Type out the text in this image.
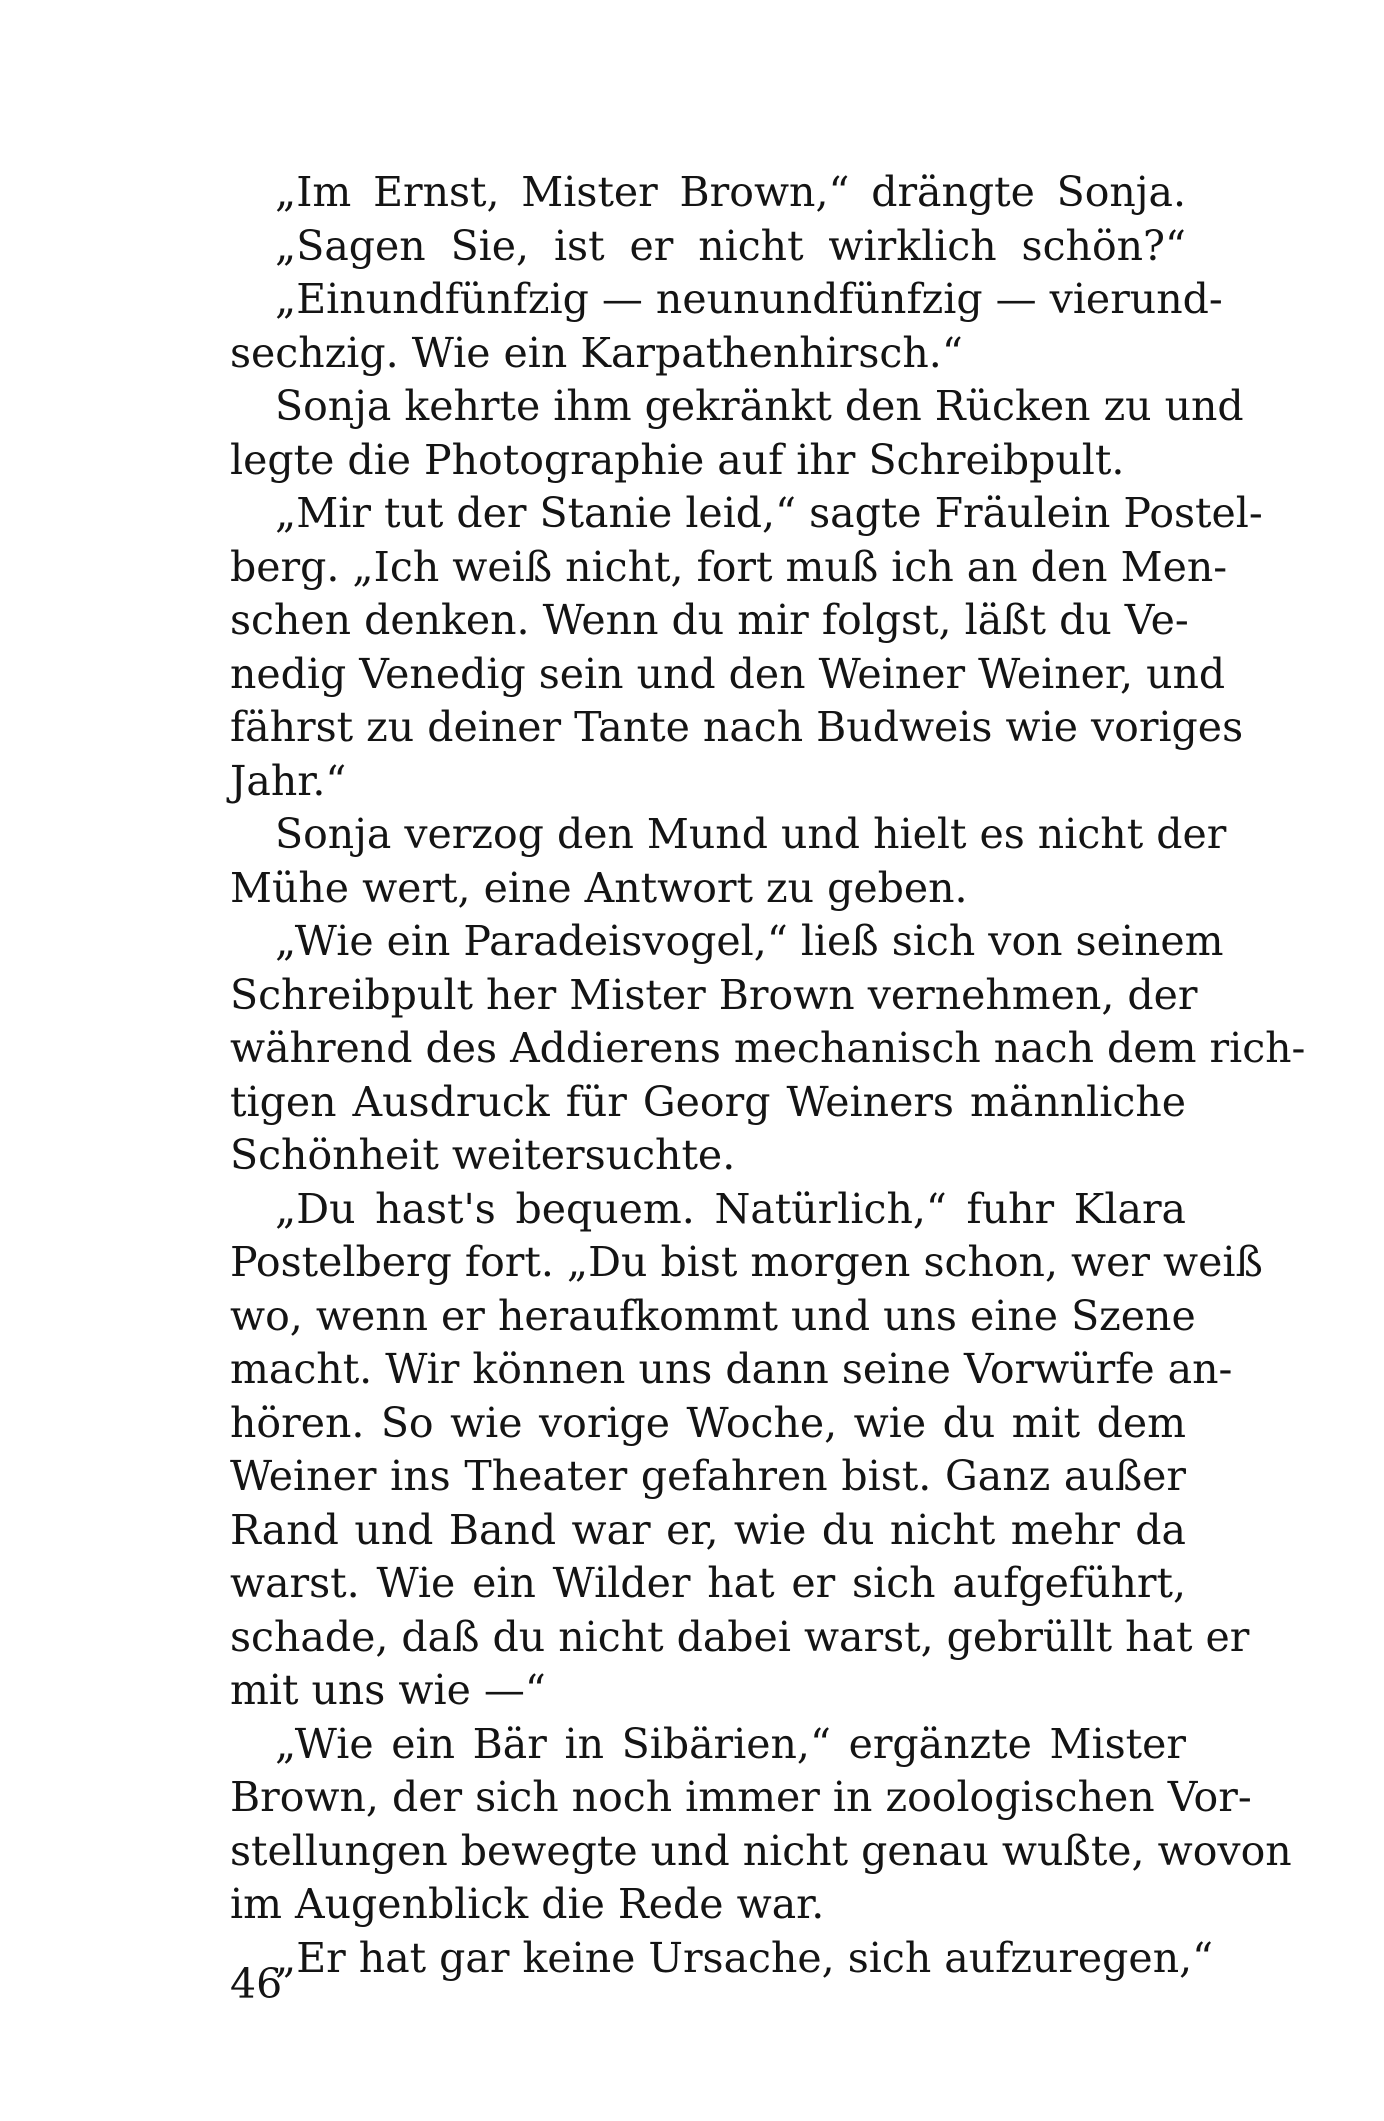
„Im Ernst, Mister Brown,“ drängte Sonja.
„Sagen Sie, ist er nicht wirklich schön?“
„Einundfünfzig — neunundfünfzig — vierund-
sechzig. Wie ein Karpathenhirsch.“
Sonja kehrte ihm gekränkt den Rücken zu und
legte die Photographie auf ihr Schreibpult.
„Mir tut der Stanie leid,“ sagte Fräulein Postel-
berg. „Ich weiß nicht, fort muß ich an den Men-
schen denken. Wenn du mir folgst, läßt du Ve-
nedig Venedig sein und den Weiner Weiner, und
fährst zu deiner Tante nach Budweis wie voriges
Jahr.“
Sonja verzog den Mund und hielt es nicht der
Mühe wert, eine Antwort zu geben.
„Wie ein Paradeisvogel,“ ließ sich von seinem
Schreibpult her Mister Brown vernehmen, der
während des Addierens mechanisch nach dem rich-
tigen Ausdruck für Georg Weiners männliche
Schönheit weitersuchte.
„Du hast's bequem. Natürlich,“ fuhr Klara
Postelberg fort. „Du bist morgen schon, wer weiß
wo, wenn er heraufkommt und uns eine Szene
macht. Wir können uns dann seine Vorwürfe an-
hören. So wie vorige Woche, wie du mit dem
Weiner ins Theater gefahren bist. Ganz außer
Rand und Band war er, wie du nicht mehr da
warst. Wie ein Wilder hat er sich aufgeführt,
schade, daß du nicht dabei warst, gebrüllt hat er
mit uns wie —“
„Wie ein Bär in Sibärien,“ ergänzte Mister
Brown, der sich noch immer in zoologischen Vor-
stellungen bewegte und nicht genau wußte, wovon
im Augenblick die Rede war.
„Er hat gar keine Ursache, sich aufzuregen,“
46
